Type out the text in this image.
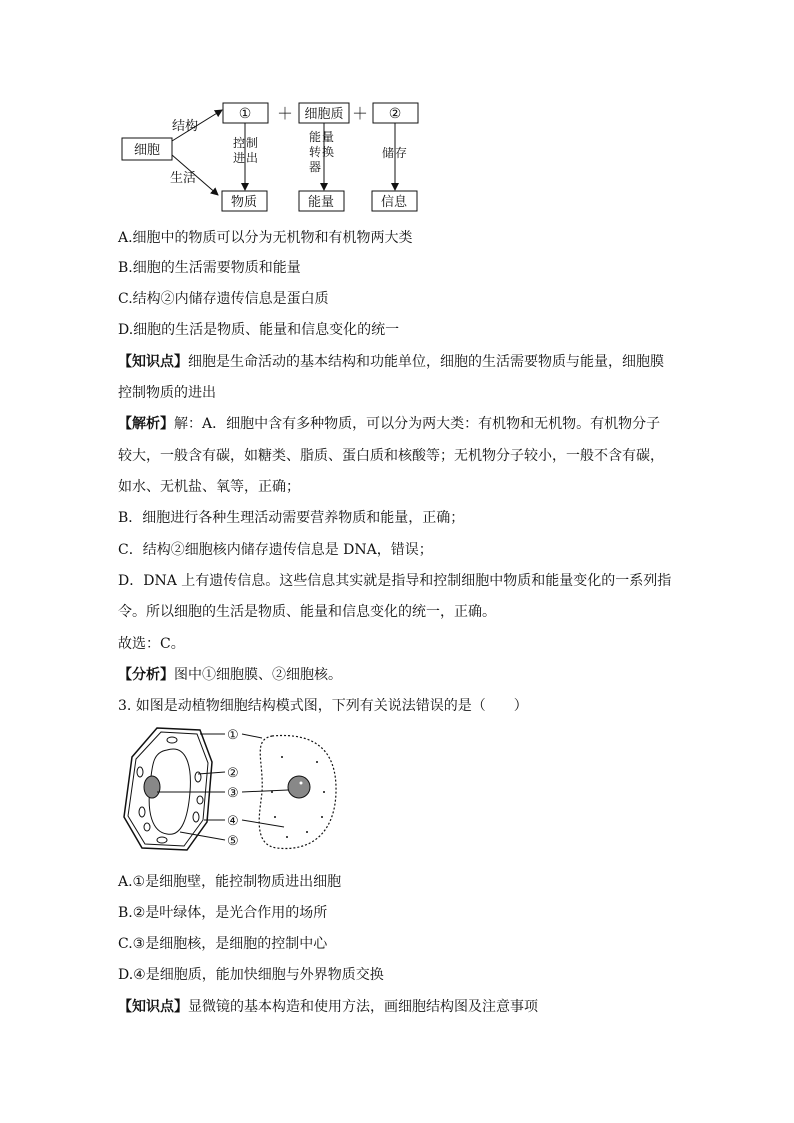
细胞
结构
生活
① ＋ 细胞质 ＋ ②
控 制
进 出
能 量
转 换
器
储 存
物质	能量	信息
A.细胞中的物质可以分为无机物和有机物两大类
B.细胞的生活需要物质和能量
C.结构②内储存遗传信息是蛋白质
D.细胞的生活是物质、能量和信息变化的统一
【知识点】细胞是生命活动的基本结构和功能单位，细胞的生活需要物质与能量，细胞膜
控制物质的进出
【解析】解：A．细胞中含有多种物质，可以分为两大类：有机物和无机物。有机物分子
较大，一般含有碳，如糖类、脂质、蛋白质和核酸等；无机物分子较小，一般不含有碳，
如水、无机盐、氧等，正确；
B．细胞进行各种生理活动需要营养物质和能量，正确；
C．结构②细胞核内储存遗传信息是 DNA，错误；
D．DNA 上有遗传信息。这些信息其实就是指导和控制细胞中物质和能量变化的一系列指
令。所以细胞的生活是物质、能量和信息变化的统一，正确。
故选：C。
【分析】图中①细胞膜、②细胞核。
3. 如图是动植物细胞结构模式图，下列有关说法错误的是（　　）
①
②
③
④
⑤
A.①是细胞壁，能控制物质进出细胞
B.②是叶绿体，是光合作用的场所
C.③是细胞核，是细胞的控制中心
D.④是细胞质，能加快细胞与外界物质交换
【知识点】显微镜的基本构造和使用方法，画细胞结构图及注意事项
